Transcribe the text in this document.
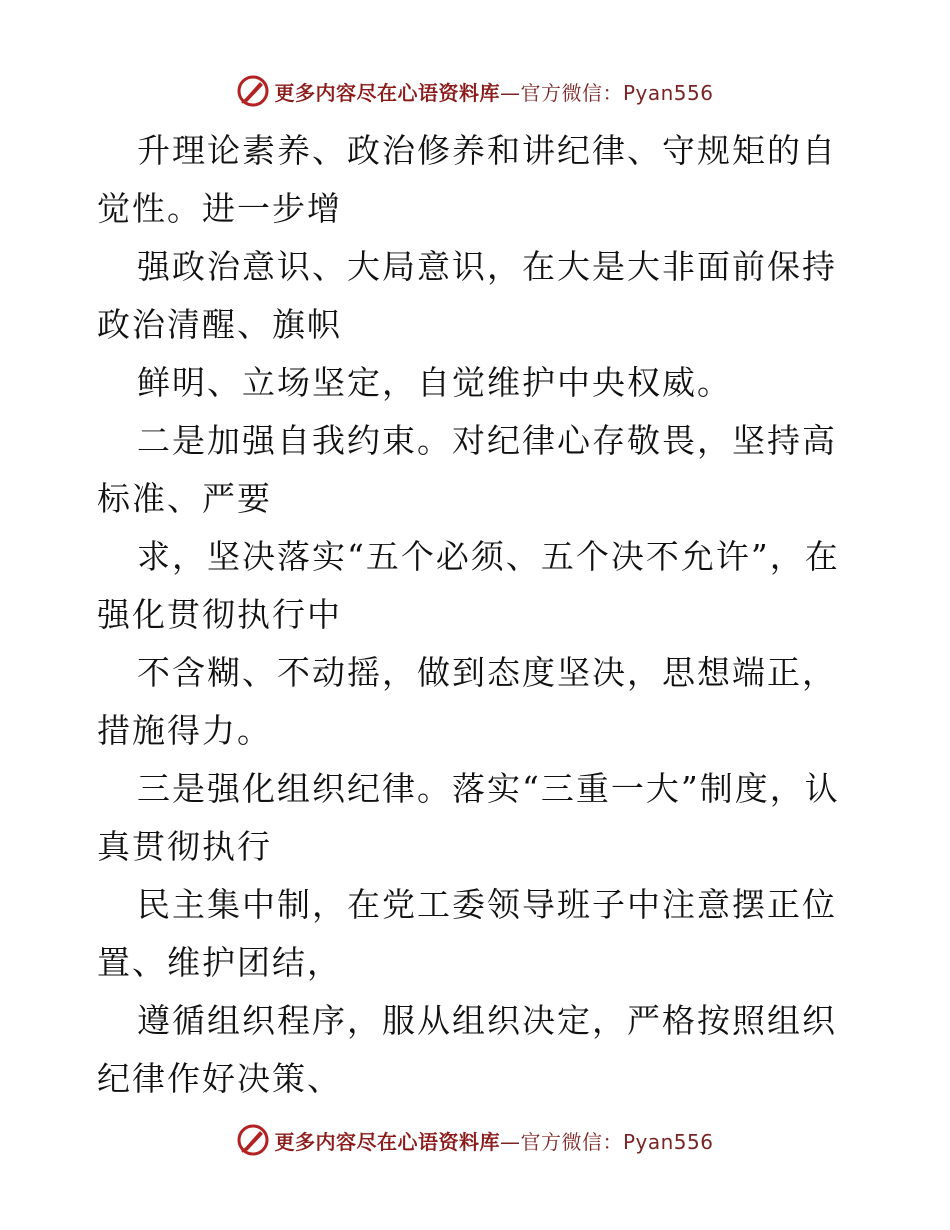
更多内容尽在心语资料库 —官方微信：Pyan556

升理论素养、政治修养和讲纪律、守规矩的自觉性。进一步增

强政治意识、大局意识，在大是大非面前保持政治清醒、旗帜

鲜明、立场坚定，自觉维护中央权威。

二是加强自我约束。对纪律心存敬畏，坚持高标准、严要

求，坚决落实“五个必须、五个决不允许”，在强化贯彻执行中

不含糊、不动摇，做到态度坚决，思想端正，措施得力。

三是强化组织纪律。落实“三重一大”制度，认真贯彻执行

民主集中制，在党工委领导班子中注意摆正位置、维护团结，

遵循组织程序，服从组织决定，严格按照组织纪律作好决策、

更多内容尽在心语资料库 —官方微信：Pyan556
